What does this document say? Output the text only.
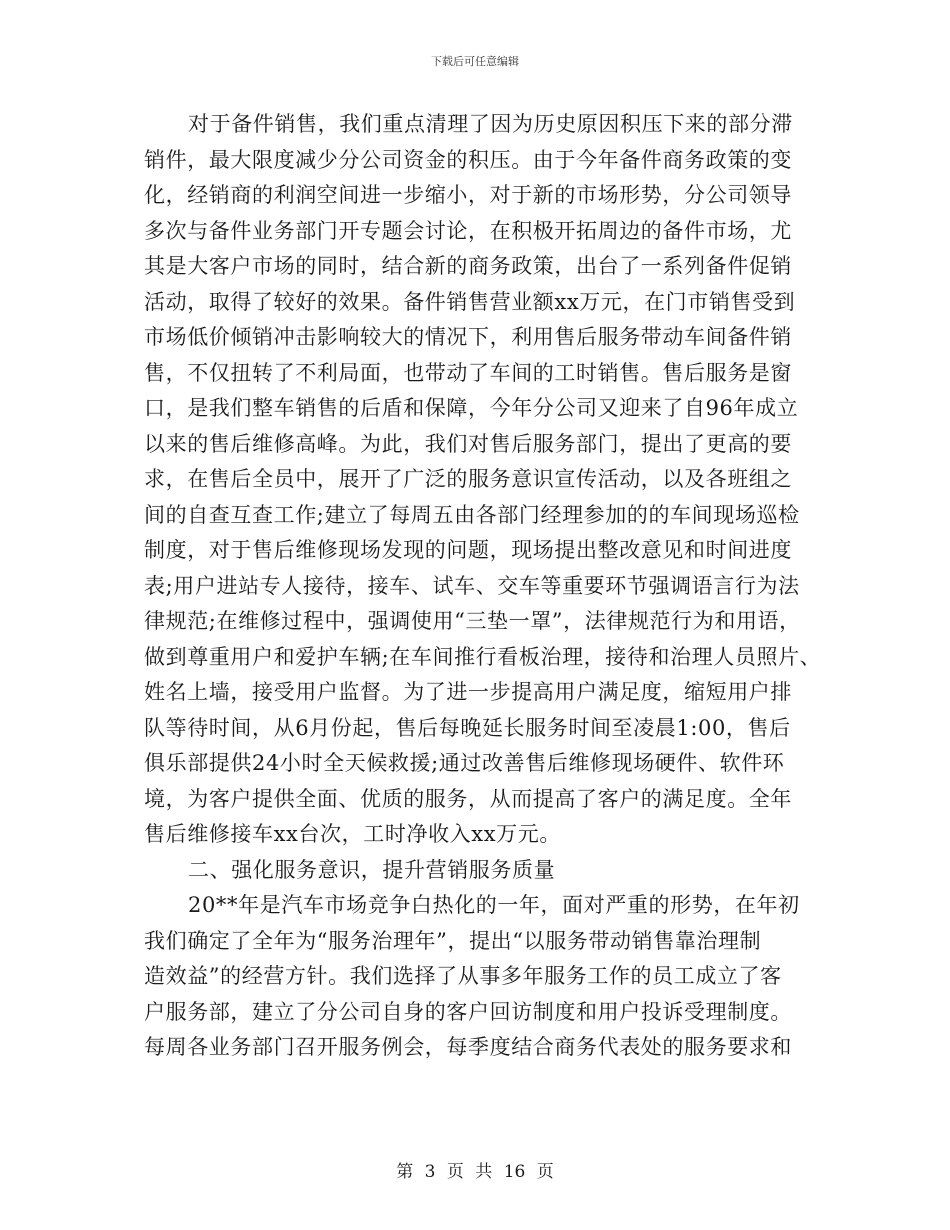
下载后可任意编辑
对于备件销售，我们重点清理了因为历史原因积压下来的部分滞
销件，最大限度减少分公司资金的积压。由于今年备件商务政策的变
化，经销商的利润空间进一步缩小，对于新的市场形势，分公司领导
多次与备件业务部门开专题会讨论，在积极开拓周边的备件市场，尤
其是大客户市场的同时，结合新的商务政策，出台了一系列备件促销
活动，取得了较好的效果。备件销售营业额xx万元，在门市销售受到
市场低价倾销冲击影响较大的情况下，利用售后服务带动车间备件销
售，不仅扭转了不利局面，也带动了车间的工时销售。售后服务是窗
口，是我们整车销售的后盾和保障，今年分公司又迎来了自96年成立
以来的售后维修高峰。为此，我们对售后服务部门，提出了更高的要
求，在售后全员中，展开了广泛的服务意识宣传活动，以及各班组之
间的自查互查工作;建立了每周五由各部门经理参加的的车间现场巡检
制度，对于售后维修现场发现的问题，现场提出整改意见和时间进度
表;用户进站专人接待，接车、试车、交车等重要环节强调语言行为法
律规范;在维修过程中，强调使用“三垫一罩”，法律规范行为和用语，
做到尊重用户和爱护车辆;在车间推行看板治理，接待和治理人员照片、
姓名上墙，接受用户监督。为了进一步提高用户满足度，缩短用户排
队等待时间，从6月份起，售后每晚延长服务时间至凌晨1:00，售后
俱乐部提供24小时全天候救援;通过改善售后维修现场硬件、软件环
境，为客户提供全面、优质的服务，从而提高了客户的满足度。全年
售后维修接车xx台次，工时净收入xx万元。
二、强化服务意识，提升营销服务质量
20**年是汽车市场竞争白热化的一年，面对严重的形势，在年初
我们确定了全年为“服务治理年”，提出“以服务带动销售靠治理制
造效益”的经营方针。我们选择了从事多年服务工作的员工成立了客
户服务部，建立了分公司自身的客户回访制度和用户投诉受理制度。
每周各业务部门召开服务例会，每季度结合商务代表处的服务要求和
第 3 页 共 16 页
